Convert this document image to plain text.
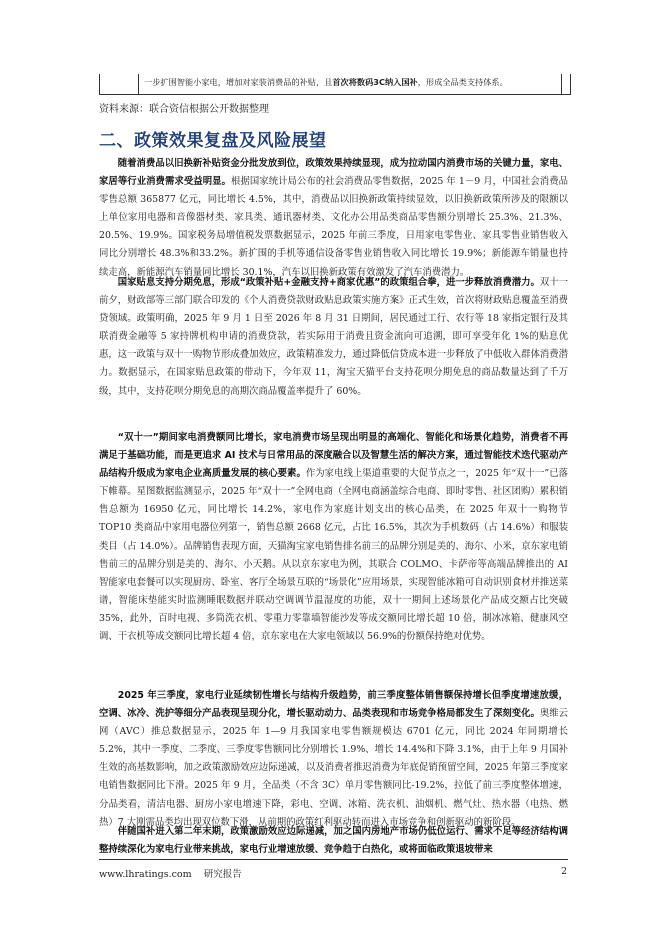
一步扩围智能小家电，增加对家装消费品的补贴，且首次将数码3C纳入国补，形成全品类支持体系。
资料来源：联合资信根据公开数据整理
二、政策效果复盘及风险展望

随着消费品以旧换新补贴资金分批发放到位，政策效果持续显现，成为拉动国内消费市场的关键力量，家电、家居等行业消费需求受益明显。根据国家统计局公布的社会消费品零售数据，2025 年 1－9 月，中国社会消费品零售总额 365877 亿元，同比增长 4.5%，其中，消费品以旧换新政策持续显效，以旧换新政策所涉及的限额以上单位家用电器和音像器材类、家具类、通讯器材类、文化办公用品类商品零售额分别增长 25.3%、21.3%、20.5%、19.9%。国家税务局增值税发票数据显示，2025 年前三季度，日用家电零售业、家具零售业销售收入同比分别增长 48.3%和33.2%。新扩围的手机等通信设备零售业销售收入同比增长 19.9%；新能源车销量也持续走高，新能源汽车销量同比增长 30.1%，汽车以旧换新政策有效激发了汽车消费潜力。

国家贴息支持分期免息，形成“政策补贴+金融支持+商家优惠”的政策组合拳，进一步释放消费潜力。双十一前夕，财政部等三部门联合印发的《个人消费贷款财政贴息政策实施方案》正式生效，首次将财政贴息覆盖至消费贷领域。政策明确，2025 年 9 月 1 日至 2026 年 8 月 31 日期间，居民通过工行、农行等 18 家指定银行及其联消费金融等 5 家持牌机构申请的消费贷款，若实际用于消费且资金流向可追溯，即可享受年化 1%的贴息优惠，这一政策与双十一购物节形成叠加效应，政策精准发力，通过降低信贷成本进一步释放了中低收入群体消费潜力。数据显示，在国家贴息政策的带动下，今年双 11，淘宝天猫平台支持花呗分期免息的商品数量达到了千万级，其中，支持花呗分期免息的高期次商品覆盖率提升了 60%。

“双十一”期间家电消费额同比增长，家电消费市场呈现出明显的高端化、智能化和场景化趋势，消费者不再满足于基础功能，而是更追求 AI 技术与日常用品的深度融合以及智慧生活的解决方案，通过智能技术迭代驱动产品结构升级成为家电企业高质量发展的核心要素。作为家电线上渠道重要的大促节点之一，2025 年“双十一”已落下帷幕。星图数据监测显示，2025 年“双十一”全网电商（全网电商涵盖综合电商、即时零售、社区团购）累积销售总额为 16950 亿元，同比增长 14.2%，家电作为家庭计划支出的核心品类，在 2025 年双十一购物节 TOP10 类商品中家用电器位列第一，销售总额 2668 亿元，占比 16.5%，其次为手机数码（占 14.6%）和服装类目（占 14.0%）。品牌销售表现方面，天猫淘宝家电销售排名前三的品牌分别是美的、海尔、小米，京东家电销售前三的品牌分别是美的、海尔、小天鹅。从以京东家电为例，其联合 COLMO、卡萨帝等高端品牌推出的 AI 智能家电套餐可以实现厨房、卧室、客厅全场景互联的“场景化”应用场景，实现智能冰箱可自动识别食材并推送菜谱，智能床垫能实时监测睡眠数据并联动空调调节温湿度的功能，双十一期间上述场景化产品成交额占比突破 35%，此外，百时电视、多筒洗衣机、零重力零靠墙智能沙发等成交额同比增长超 10 倍，制冰冰箱、健康风空调、干衣机等成交额同比增长超 4 倍，京东家电在大家电领域以 56.9%的份额保持绝对优势。

2025 年三季度，家电行业延续韧性增长与结构升级趋势，前三季度整体销售额保持增长但季度增速放缓，空调、冰冷、洗护等细分产品表现呈现分化，增长驱动动力、品类表现和市场竞争格局都发生了深刻变化。奥维云网（AVC）推总数据显示，2025 年 1—9 月我国家电零售额规模达 6701 亿元，同比 2024 年同期增长 5.2%，其中一季度、二季度、三季度零售额同比分别增长 1.9%、增长 14.4%和下降 3.1%，由于上年 9 月国补生效的高基数影响，加之政策激励效应边际递减，以及消费者推迟消费为年底促销预留空间，2025 年第三季度家电销售数据同比下滑。2025 年 9 月，全品类（不含 3C）单月零售额同比-19.2%，拉低了前三季度整体增速，分品类看，清洁电器、厨房小家电增速下降，彩电、空调、冰箱、洗衣机、油烟机、燃气灶、热水器（电热、燃热）7 大刚需品类均出现双位数下滑，从前期的政策红利驱动转而进入市场竞争和创新驱动的新阶段。

伴随国补进入第二年末期，政策激励效应边际递减，加之国内房地产市场仍低位运行、需求不足等经济结构调整持续深化为家电行业带来挑战，家电行业增速放缓、竞争趋于白热化，或将面临政策退坡带来

www.lhratings.com 研究报告	2
